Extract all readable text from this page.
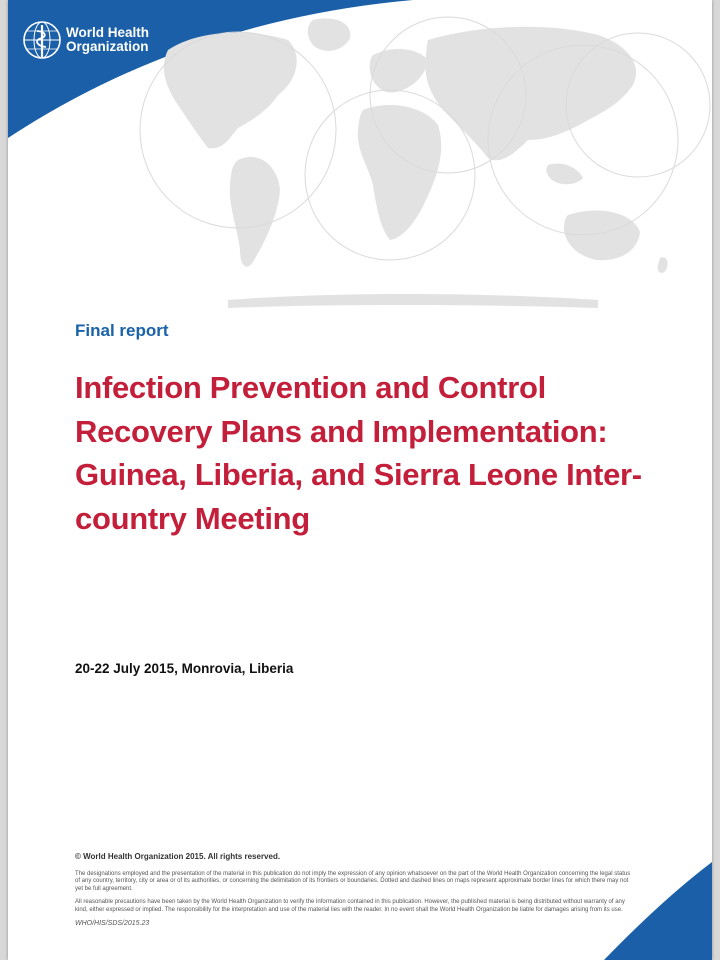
World Health
Organization

Final report

Infection Prevention and Control Recovery Plans and Implementation: Guinea, Liberia, and Sierra Leone Inter-country Meeting

20-22 July 2015, Monrovia, Liberia

© World Health Organization 2015. All rights reserved.

The designations employed and the presentation of the material in this publication do not imply the expression of any opinion whatsoever on the part of the World Health Organization concerning the legal status of any country, territory, city or area or of its authorities, or concerning the delimitation of its frontiers or boundaries. Dotted and dashed lines on maps represent approximate border lines for which there may not yet be full agreement.

All reasonable precautions have been taken by the World Health Organization to verify the information contained in this publication. However, the published material is being distributed without warranty of any kind, either expressed or implied. The responsibility for the interpretation and use of the material lies with the reader. In no event shall the World Health Organization be liable for damages arising from its use.

WHO/HIS/SDS/2015.23
